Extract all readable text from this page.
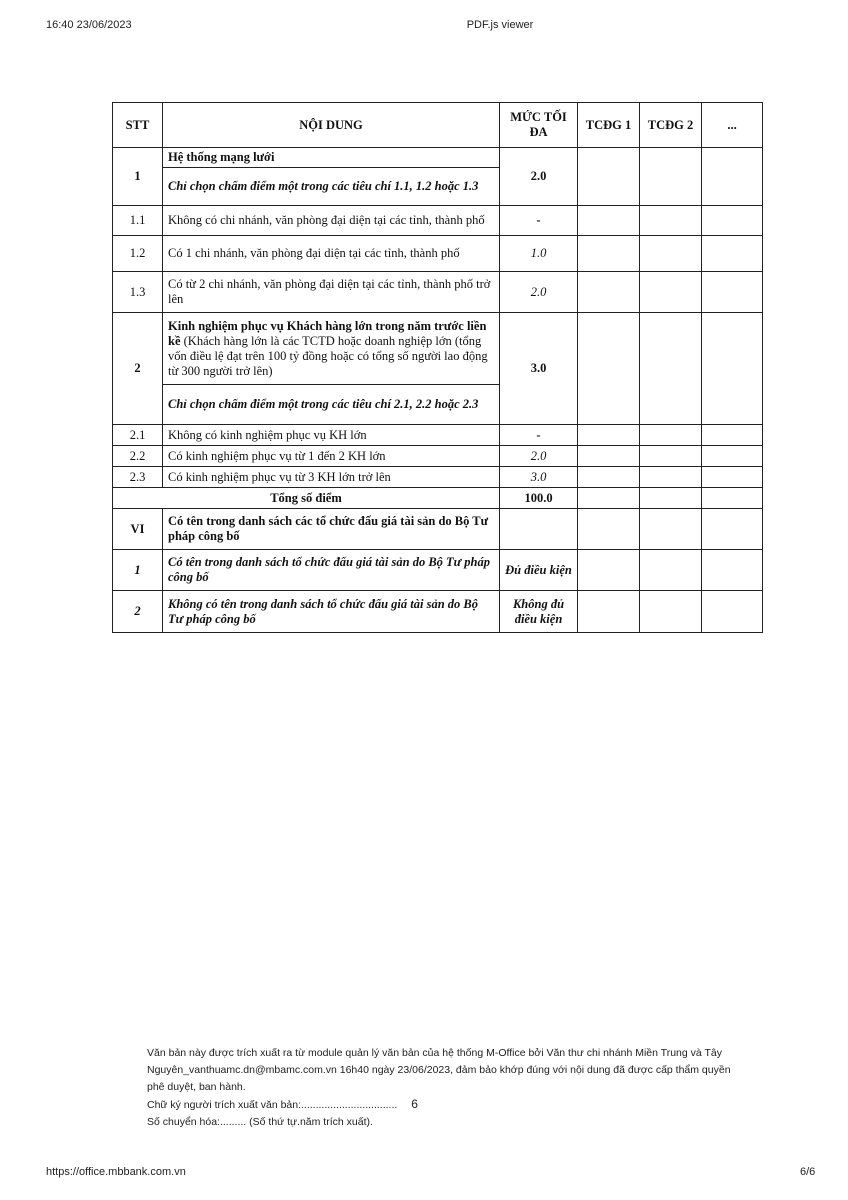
16:40 23/06/2023	PDF.js viewer
STT	NỘI DUNG	MỨC TỐI ĐA	TCĐG 1	TCĐG 2	...
1	Hệ thống mạng lưới	2.0			
	Chỉ chọn chấm điểm một trong các tiêu chí 1.1, 1.2 hoặc 1.3				
1.1	Không có chi nhánh, văn phòng đại diện tại các tỉnh, thành phố	-			
1.2	Có 1 chi nhánh, văn phòng đại diện tại các tỉnh, thành phố	1.0			
1.3	Có từ 2 chi nhánh, văn phòng đại diện tại các tỉnh, thành phố trở lên	2.0			
2	Kinh nghiệm phục vụ Khách hàng lớn trong năm trước liền kề (Khách hàng lớn là các TCTD hoặc doanh nghiệp lớn (tổng vốn điều lệ đạt trên 100 tỷ đồng hoặc có tổng số người lao động từ 300 người trở lên)	3.0			
	Chỉ chọn chấm điểm một trong các tiêu chí 2.1, 2.2 hoặc 2.3				
2.1	Không có kinh nghiệm phục vụ KH lớn	-			
2.2	Có kinh nghiệm phục vụ từ 1 đến 2 KH lớn	2.0			
2.3	Có kinh nghiệm phục vụ từ 3 KH lớn trở lên	3.0			
Tổng số điểm		100.0			
VI	Có tên trong danh sách các tổ chức đấu giá tài sản do Bộ Tư pháp công bố				
1	Có tên trong danh sách tổ chức đấu giá tài sản do Bộ Tư pháp công bố	Đủ điều kiện			
2	Không có tên trong danh sách tổ chức đấu giá tài sản do Bộ Tư pháp công bố	Không đủ điều kiện			

Văn bản này được trích xuất ra từ module quản lý văn bản của hệ thống M-Office bởi Văn thư chi nhánh Miền Trung và Tây Nguyên_vanthuamc.dn@mbamc.com.vn 16h40 ngày 23/06/2023, đảm bảo khớp đúng với nội dung đã được cấp thẩm quyền phê duyệt, ban hành.

Chữ ký người trích xuất văn bản:................................. 6

Số chuyển hóa:......... (Số thứ tự.năm trích xuất).

https://office.mbbank.com.vn	6/6
